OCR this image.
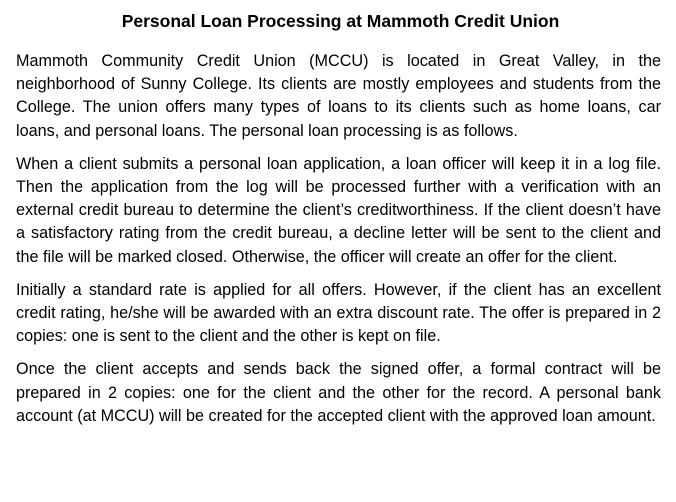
Personal Loan Processing at Mammoth Credit Union

Mammoth Community Credit Union (MCCU) is located in Great Valley, in the neighborhood of Sunny College. Its clients are mostly employees and students from the College. The union offers many types of loans to its clients such as home loans, car loans, and personal loans. The personal loan processing is as follows.

When a client submits a personal loan application, a loan officer will keep it in a log file. Then the application from the log will be processed further with a verification with an external credit bureau to determine the client’s creditworthiness. If the client doesn’t have a satisfactory rating from the credit bureau, a decline letter will be sent to the client and the file will be marked closed. Otherwise, the officer will create an offer for the client.

Initially a standard rate is applied for all offers. However, if the client has an excellent credit rating, he/she will be awarded with an extra discount rate. The offer is prepared in 2 copies: one is sent to the client and the other is kept on file.

Once the client accepts and sends back the signed offer, a formal contract will be prepared in 2 copies: one for the client and the other for the record. A personal bank account (at MCCU) will be created for the accepted client with the approved loan amount.
